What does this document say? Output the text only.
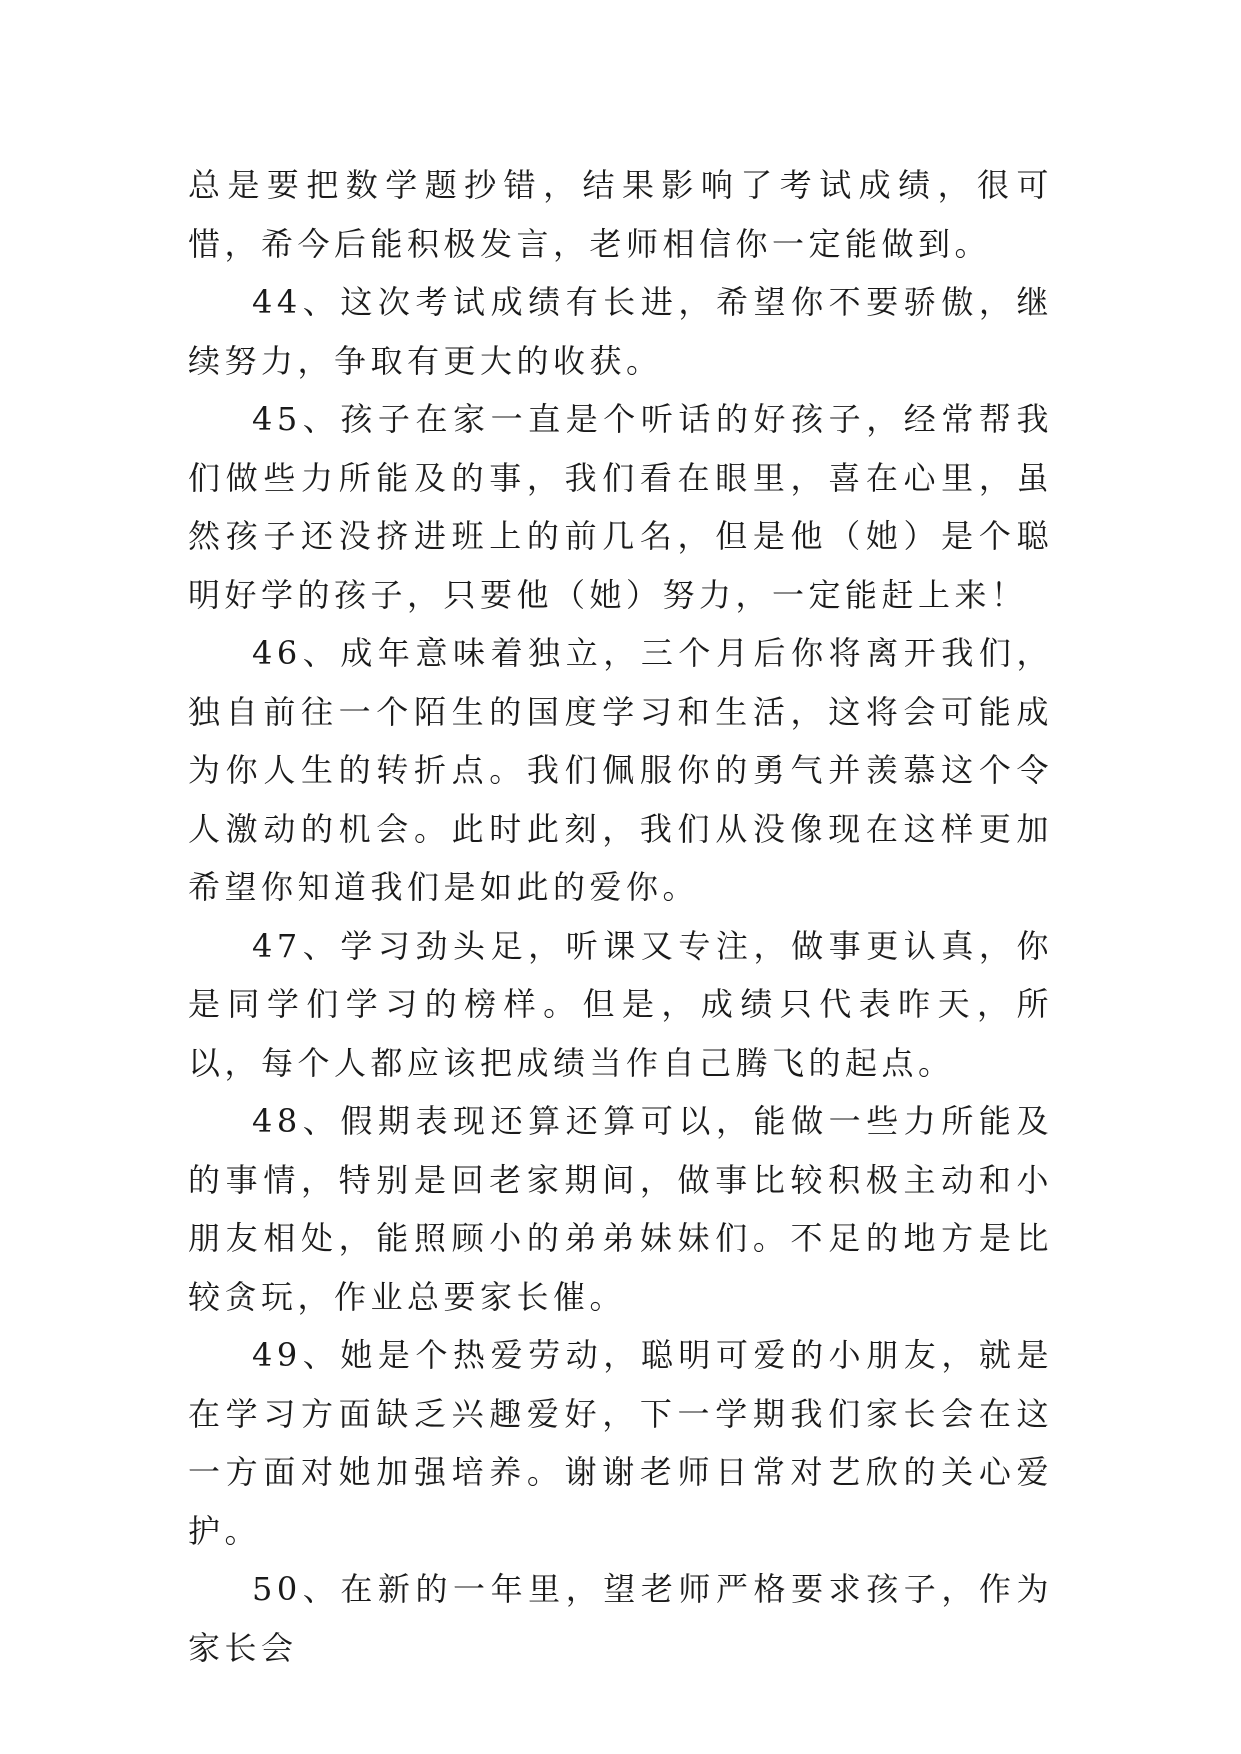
总是要把数学题抄错，结果影响了考试成绩，很可惜，希今后能积极发言，老师相信你一定能做到。

44、这次考试成绩有长进，希望你不要骄傲，继续努力，争取有更大的收获。

45、孩子在家一直是个听话的好孩子，经常帮我们做些力所能及的事，我们看在眼里，喜在心里，虽然孩子还没挤进班上的前几名，但是他（她）是个聪明好学的孩子，只要他（她）努力，一定能赶上来！

46、成年意味着独立，三个月后你将离开我们，独自前往一个陌生的国度学习和生活，这将会可能成为你人生的转折点。我们佩服你的勇气并羡慕这个令人激动的机会。此时此刻，我们从没像现在这样更加希望你知道我们是如此的爱你。

47、学习劲头足，听课又专注，做事更认真，你是同学们学习的榜样。但是，成绩只代表昨天，所以，每个人都应该把成绩当作自己腾飞的起点。

48、假期表现还算还算可以，能做一些力所能及的事情，特别是回老家期间，做事比较积极主动和小朋友相处，能照顾小的弟弟妹妹们。不足的地方是比较贪玩，作业总要家长催。

49、她是个热爱劳动，聪明可爱的小朋友，就是在学习方面缺乏兴趣爱好，下一学期我们家长会在这一方面对她加强培养。谢谢老师日常对艺欣的关心爱护。

50、在新的一年里，望老师严格要求孩子，作为家长会
